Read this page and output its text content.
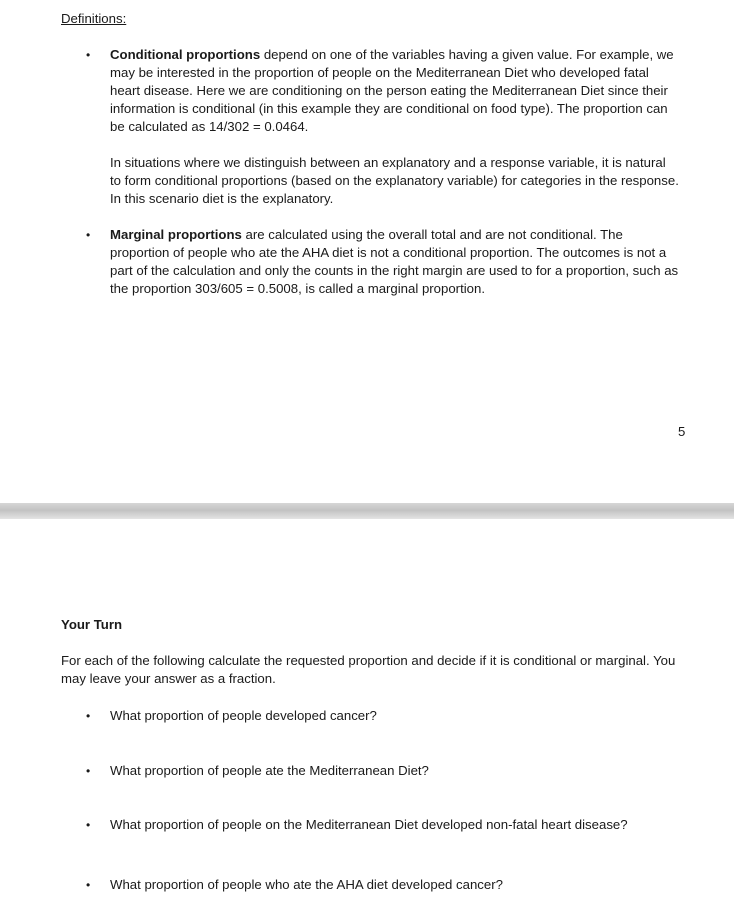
Definitions:

•	Conditional proportions depend on one of the variables having a given value. For example, we may be interested in the proportion of people on the Mediterranean Diet who developed fatal heart disease. Here we are conditioning on the person eating the Mediterranean Diet since their information is conditional (in this example they are conditional on food type). The proportion can be calculated as 14/302 = 0.0464.

In situations where we distinguish between an explanatory and a response variable, it is natural to form conditional proportions (based on the explanatory variable) for categories in the response. In this scenario diet is the explanatory.

•	Marginal proportions are calculated using the overall total and are not conditional. The proportion of people who ate the AHA diet is not a conditional proportion. The outcomes is not a part of the calculation and only the counts in the right margin are used to for a proportion, such as the proportion 303/605 = 0.5008, is called a marginal proportion.

5

Your Turn

For each of the following calculate the requested proportion and decide if it is conditional or marginal. You may leave your answer as a fraction.

• What proportion of people developed cancer?
• What proportion of people ate the Mediterranean Diet?
• What proportion of people on the Mediterranean Diet developed non-fatal heart disease?
• What proportion of people who ate the AHA diet developed cancer?
